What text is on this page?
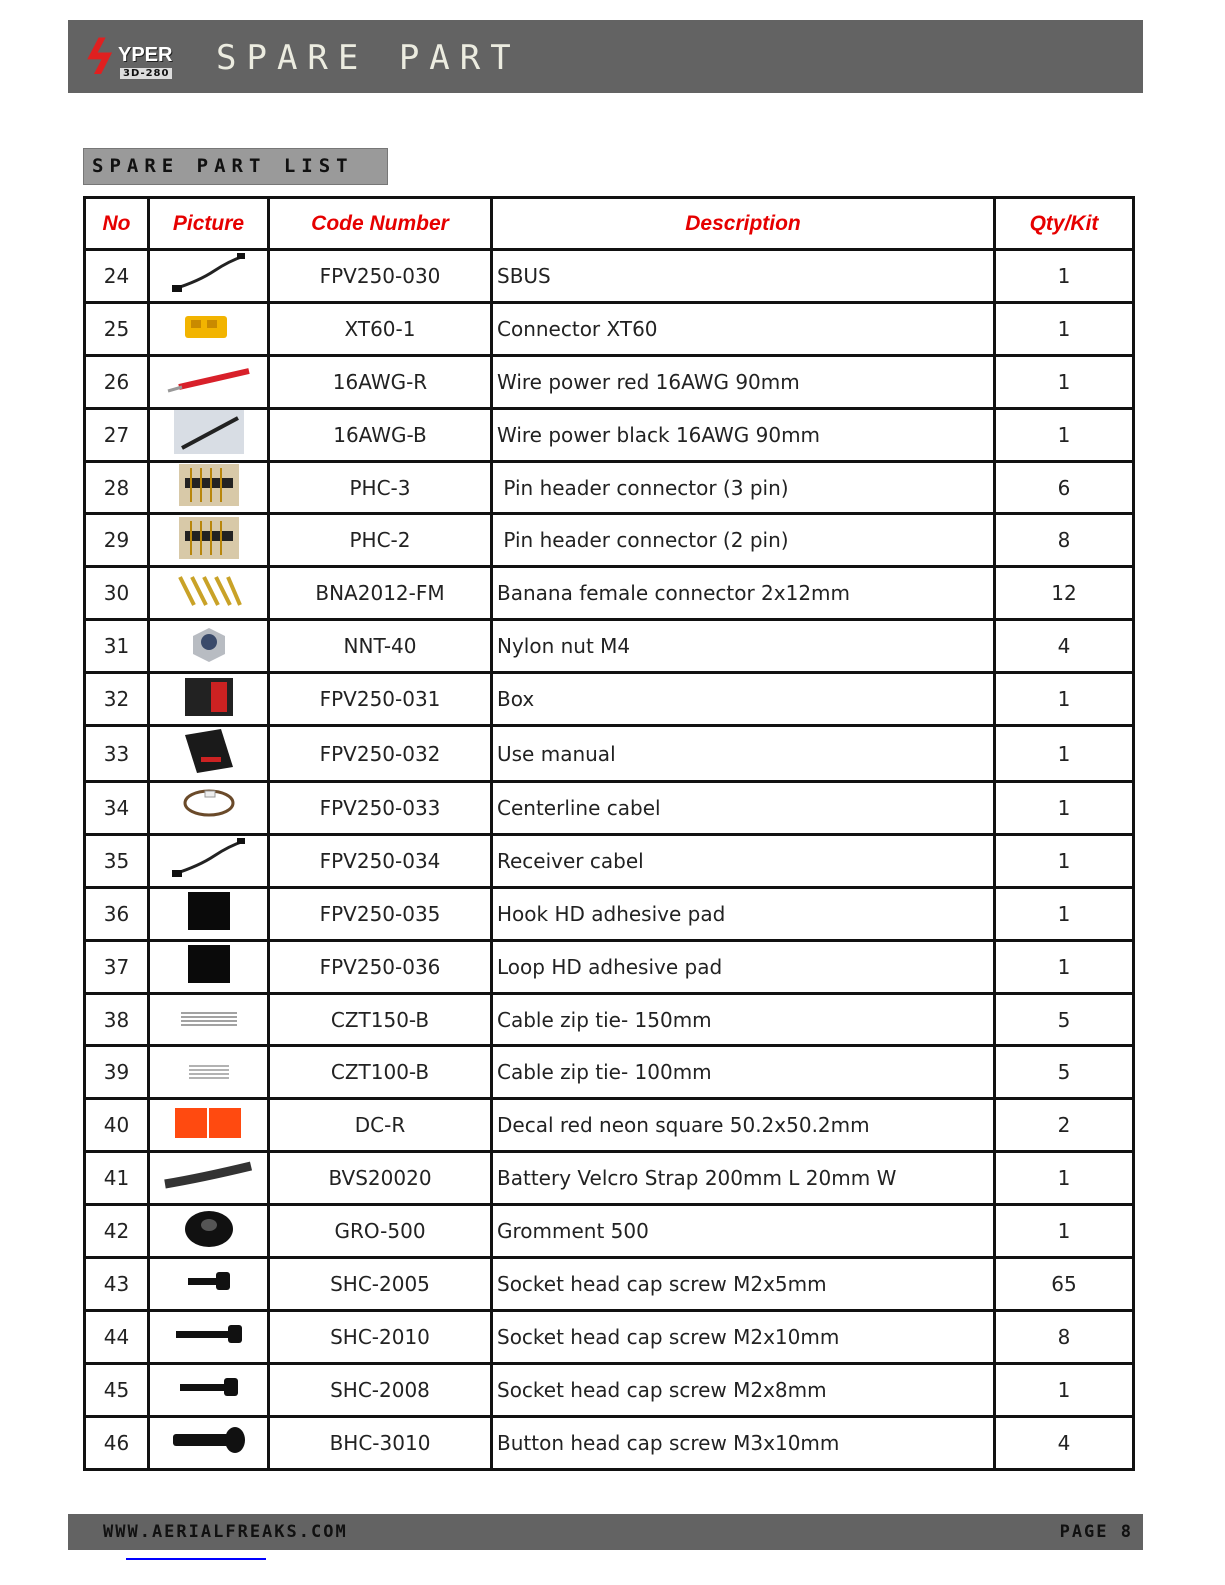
ϟ YPER
3D-280 SPARE PART
SPARE PART LIST
No	Picture	Code Number	Description	Qty/Kit
24		FPV250-030	SBUS	1
25		XT60-1	Connector XT60	1
26		16AWG-R	Wire power red 16AWG 90mm	1
27		16AWG-B	Wire power black 16AWG 90mm	1
28		PHC-3	Pin header connector (3 pin)	6
29		PHC-2	Pin header connector (2 pin)	8
30		BNA2012-FM	Banana female connector 2x12mm	12
31		NNT-40	Nylon nut M4	4
32		FPV250-031	Box	1
33		FPV250-032	Use manual	1
34		FPV250-033	Centerline cabel	1
35		FPV250-034	Receiver cabel	1
36		FPV250-035	Hook HD adhesive pad	1
37		FPV250-036	Loop HD adhesive pad	1
38		CZT150-B	Cable zip tie- 150mm	5
39		CZT100-B	Cable zip tie- 100mm	5
40		DC-R	Decal red neon square 50.2x50.2mm	2
41		BVS20020	Battery Velcro Strap 200mm L 20mm W	1
42		GRO-500	Gromment 500	1
43		SHC-2005	Socket head cap screw M2x5mm	65
44		SHC-2010	Socket head cap screw M2x10mm	8
45		SHC-2008	Socket head cap screw M2x8mm	1
46		BHC-3010	Button head cap screw M3x10mm	4
WWW.AERIALFREAKS.COM	PAGE 8
